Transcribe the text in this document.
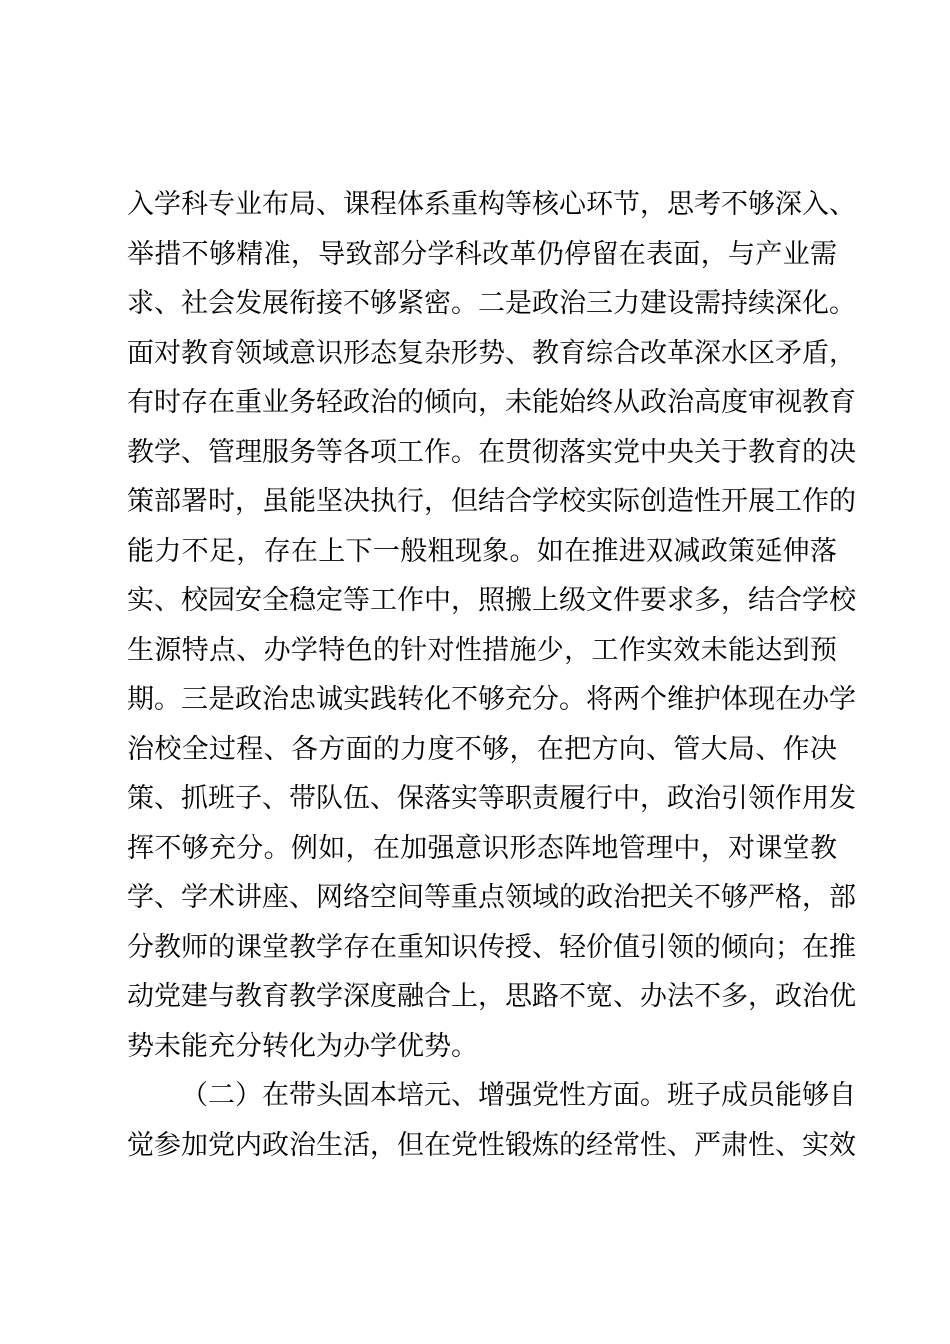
入学科专业布局、课程体系重构等核心环节，思考不够深入、
举措不够精准，导致部分学科改革仍停留在表面，与产业需
求、社会发展衔接不够紧密。二是政治三力建设需持续深化。
面对教育领域意识形态复杂形势、教育综合改革深水区矛盾，
有时存在重业务轻政治的倾向，未能始终从政治高度审视教育
教学、管理服务等各项工作。在贯彻落实党中央关于教育的决
策部署时，虽能坚决执行，但结合学校实际创造性开展工作的
能力不足，存在上下一般粗现象。如在推进双减政策延伸落
实、校园安全稳定等工作中，照搬上级文件要求多，结合学校
生源特点、办学特色的针对性措施少，工作实效未能达到预
期。三是政治忠诚实践转化不够充分。将两个维护体现在办学
治校全过程、各方面的力度不够，在把方向、管大局、作决
策、抓班子、带队伍、保落实等职责履行中，政治引领作用发
挥不够充分。例如，在加强意识形态阵地管理中，对课堂教
学、学术讲座、网络空间等重点领域的政治把关不够严格，部
分教师的课堂教学存在重知识传授、轻价值引领的倾向；在推
动党建与教育教学深度融合上，思路不宽、办法不多，政治优
势未能充分转化为办学优势。
（二）在带头固本培元、增强党性方面。班子成员能够自
觉参加党内政治生活，但在党性锻炼的经常性、严肃性、实效
